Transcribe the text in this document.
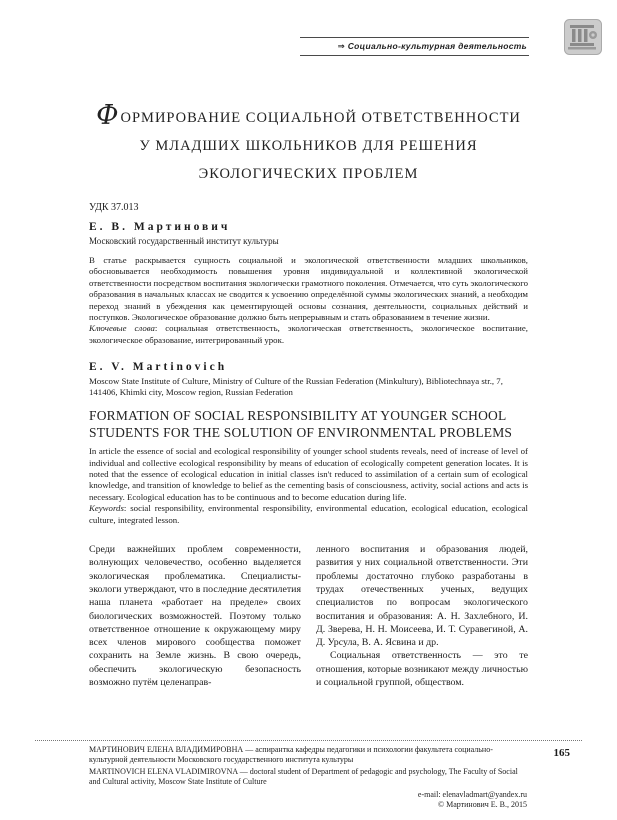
⇒ Социально-культурная деятельность
ФОРМИРОВАНИЕ СОЦИАЛЬНОЙ ОТВЕТСТВЕННОСТИ
У МЛАДШИХ ШКОЛЬНИКОВ ДЛЯ РЕШЕНИЯ
ЭКОЛОГИЧЕСКИХ ПРОБЛЕМ
УДК 37.013
Е. В. Мартинович
Московский государственный институт культуры

В статье раскрывается сущность социальной и экологической ответственности младших школьников, обосновывается необходимость повышения уровня индивидуальной и коллективной экологической ответственности посредством воспитания экологически грамотного поколения. Отмечается, что суть экологического образования в начальных классах не сводится к усвоению определённой суммы экологических знаний, а необходим переход знаний в убеждения как цементирующей основы сознания, деятельности, социальных действий и поступков. Экологическое образование должно быть непрерывным и стать образованием в течение жизни.
Ключевые слова: социальная ответственность, экологическая ответственность, экологическое воспитание, экологическое образование, интегрированный урок.

E. V. Martinovich

Moscow State Institute of Culture, Ministry of Culture of the Russian Federation (Minkultury), Bibliotechnaya str., 7, 141406, Khimki city, Moscow region, Russian Federation

FORMATION OF SOCIAL RESPONSIBILITY AT YOUNGER SCHOOL STUDENTS FOR THE SOLUTION OF ENVIRONMENTAL PROBLEMS

In article the essence of social and ecological responsibility of younger school students reveals, need of increase of level of individual and collective ecological responsibility by means of education of ecologically competent generation locates. It is noted that the essence of ecological education in initial classes isn't reduced to assimilation of a certain sum of ecological knowledge, and transition of knowledge to belief as the cementing basis of consciousness, activity, social actions and acts is necessary. Ecological education has to be continuous and to become education during life.
Keywords: social responsibility, environmental responsibility, environmental education, ecological education, ecological culture, integrated lesson.

Среди важнейших проблем современности, волнующих человечество, особенно выделяется экологическая проблематика. Специалисты-экологи утверждают, что в последние десятилетия наша планета «работает на пределе» своих биологических возможностей. Поэтому только ответственное отношение к окружающему миру всех членов мирового сообщества поможет сохранить на Земле жизнь. В свою очередь, обеспечить экологическую безопасность возможно путём целенаправ-

ленного воспитания и образования людей, развития у них социальной ответственности. Эти проблемы достаточно глубоко разработаны в трудах отечественных ученых, ведущих специалистов по вопросам экологического воспитания и образования: А. Н. Захлебного, И. Д. Зверева, Н. Н. Моисеева, И. Т. Суравегиной, А. Д. Урсула, В. А. Ясвина и др.

Социальная ответственность — это те отношения, которые возникают между личностью и социальной группой, обществом.

165

МАРТИНОВИЧ ЕЛЕНА ВЛАДИМИРОВНА — аспирантка кафедры педагогики и психологии факультета социально-культурной деятельности Московского государственного института культуры

MARTINOVICH ELENA VLADIMIROVNA — doctoral student of Department of pedagogic and psychology, The Faculty of Social and Cultural activity, Moscow State Institute of Culture

e-mail: elenavladmart@yandex.ru
© Мартинович Е. В., 2015
